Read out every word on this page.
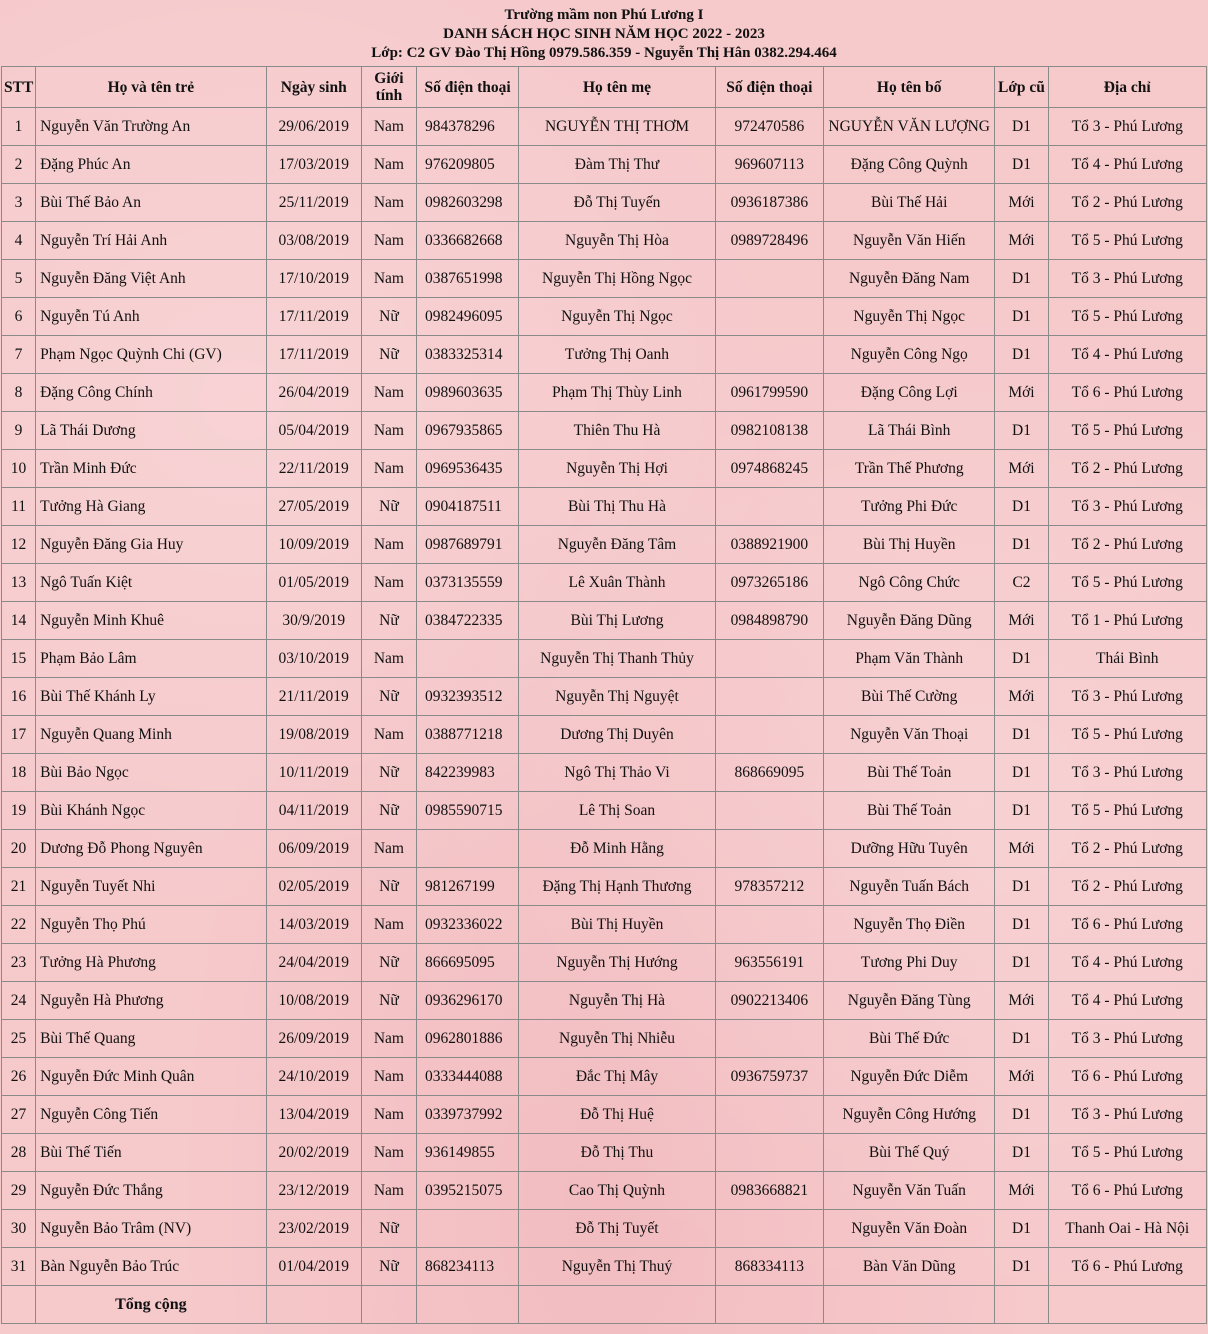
Trường mầm non Phú Lương I
DANH SÁCH HỌC SINH NĂM HỌC 2022 - 2023
Lớp: C2 GV Đào Thị Hồng 0979.586.359 - Nguyễn Thị Hân 0382.294.464
STT	Họ và tên trẻ	Ngày sinh	Giới tính	Số điện thoại	Họ tên mẹ	Số điện thoại	Họ tên bố	Lớp cũ	Địa chỉ
1	Nguyễn Văn Trường An	29/06/2019	Nam	984378296	NGUYỄN THỊ THƠM	972470586	NGUYỄN VĂN LƯỢNG	D1	Tổ 3 - Phú Lương
2	Đặng Phúc An	17/03/2019	Nam	976209805	Đàm Thị Thư	969607113	Đặng Công Quỳnh	D1	Tổ 4 - Phú Lương
3	Bùi Thế Bảo An	25/11/2019	Nam	0982603298	Đỗ Thị Tuyến	0936187386	Bùi Thế Hải	Mới	Tổ 2 - Phú Lương
4	Nguyễn Trí Hải Anh	03/08/2019	Nam	0336682668	Nguyễn Thị Hòa	0989728496	Nguyễn Văn Hiến	Mới	Tổ 5 - Phú Lương
5	Nguyễn Đăng Việt Anh	17/10/2019	Nam	0387651998	Nguyễn Thị Hồng Ngọc		Nguyễn Đăng Nam	D1	Tổ 3 - Phú Lương
6	Nguyễn Tú Anh	17/11/2019	Nữ	0982496095	Nguyễn Thị Ngọc		Nguyễn Thị Ngọc	D1	Tổ 5 - Phú Lương
7	Phạm Ngọc Quỳnh Chi (GV)	17/11/2019	Nữ	0383325314	Tưởng Thị Oanh		Nguyễn Công Ngọ	D1	Tổ 4 - Phú Lương
8	Đặng Công Chính	26/04/2019	Nam	0989603635	Phạm Thị Thùy Linh	0961799590	Đặng Công Lợi	Mới	Tổ 6 - Phú Lương
9	Lã Thái Dương	05/04/2019	Nam	0967935865	Thiên Thu Hà	0982108138	Lã Thái Bình	D1	Tổ 5 - Phú Lương
10	Trần Minh Đức	22/11/2019	Nam	0969536435	Nguyễn Thị Hợi	0974868245	Trần Thế Phương	Mới	Tổ 2 - Phú Lương
11	Tưởng Hà Giang	27/05/2019	Nữ	0904187511	Bùi Thị Thu Hà		Tưởng Phi Đức	D1	Tổ 3 - Phú Lương
12	Nguyễn Đăng Gia Huy	10/09/2019	Nam	0987689791	Nguyễn Đăng Tâm	0388921900	Bùi Thị Huyền	D1	Tổ 2 - Phú Lương
13	Ngô Tuấn Kiệt	01/05/2019	Nam	0373135559	Lê Xuân Thành	0973265186	Ngô Công Chức	C2	Tổ 5 - Phú Lương
14	Nguyễn Minh Khuê	30/9/2019	Nữ	0384722335	Bùi Thị Lương	0984898790	Nguyễn Đăng Dũng	Mới	Tổ 1 - Phú Lương
15	Phạm Bảo Lâm	03/10/2019	Nam		Nguyễn Thị Thanh Thủy		Phạm Văn Thành	D1	Thái Bình
16	Bùi Thế Khánh Ly	21/11/2019	Nữ	0932393512	Nguyễn Thị Nguyệt		Bùi Thế Cường	Mới	Tổ 3 - Phú Lương
17	Nguyễn Quang Minh	19/08/2019	Nam	0388771218	Dương Thị Duyên		Nguyễn Văn Thoại	D1	Tổ 5 - Phú Lương
18	Bùi Bảo Ngọc	10/11/2019	Nữ	842239983	Ngô Thị Thảo Vi	868669095	Bùi Thế Toản	D1	Tổ 3 - Phú Lương
19	Bùi Khánh Ngọc	04/11/2019	Nữ	0985590715	Lê Thị Soan		Bùi Thế Toản	D1	Tổ 5 - Phú Lương
20	Dương Đỗ Phong Nguyên	06/09/2019	Nam		Đỗ Minh Hằng		Dưỡng Hữu Tuyên	Mới	Tổ 2 - Phú Lương
21	Nguyễn Tuyết Nhi	02/05/2019	Nữ	981267199	Đặng Thị Hạnh Thương	978357212	Nguyễn Tuấn Bách	D1	Tổ 2 - Phú Lương
22	Nguyễn Thọ Phú	14/03/2019	Nam	0932336022	Bùi Thị Huyền		Nguyễn Thọ Điền	D1	Tổ 6 - Phú Lương
23	Tưởng Hà Phương	24/04/2019	Nữ	866695095	Nguyễn Thị Hướng	963556191	Tương Phi Duy	D1	Tổ 4 - Phú Lương
24	Nguyễn Hà Phương	10/08/2019	Nữ	0936296170	Nguyễn Thị Hà	0902213406	Nguyễn Đăng Tùng	Mới	Tổ 4 - Phú Lương
25	Bùi Thế Quang	26/09/2019	Nam	0962801886	Nguyễn Thị Nhiễu		Bùi Thế Đức	D1	Tổ 3 - Phú Lương
26	Nguyễn Đức Minh Quân	24/10/2019	Nam	0333444088	Đắc Thị Mây	0936759737	Nguyễn Đức Diễm	Mới	Tổ 6 - Phú Lương
27	Nguyễn Công Tiến	13/04/2019	Nam	0339737992	Đỗ Thị Huệ		Nguyễn Công Hướng	D1	Tổ 3 - Phú Lương
28	Bùi Thế Tiến	20/02/2019	Nam	936149855	Đỗ Thị Thu		Bùi Thế Quý	D1	Tổ 5 - Phú Lương
29	Nguyễn Đức Thắng	23/12/2019	Nam	0395215075	Cao Thị Quỳnh	0983668821	Nguyễn Văn Tuấn	Mới	Tổ 6 - Phú Lương
30	Nguyễn Bảo Trâm (NV)	23/02/2019	Nữ		Đỗ Thị Tuyết		Nguyễn Văn Đoàn	D1	Thanh Oai - Hà Nội
31	Bàn Nguyễn Bảo Trúc	01/04/2019	Nữ	868234113	Nguyễn Thị Thuý	868334113	Bàn Văn Dũng	D1	Tổ 6 - Phú Lương
	Tổng cộng								
